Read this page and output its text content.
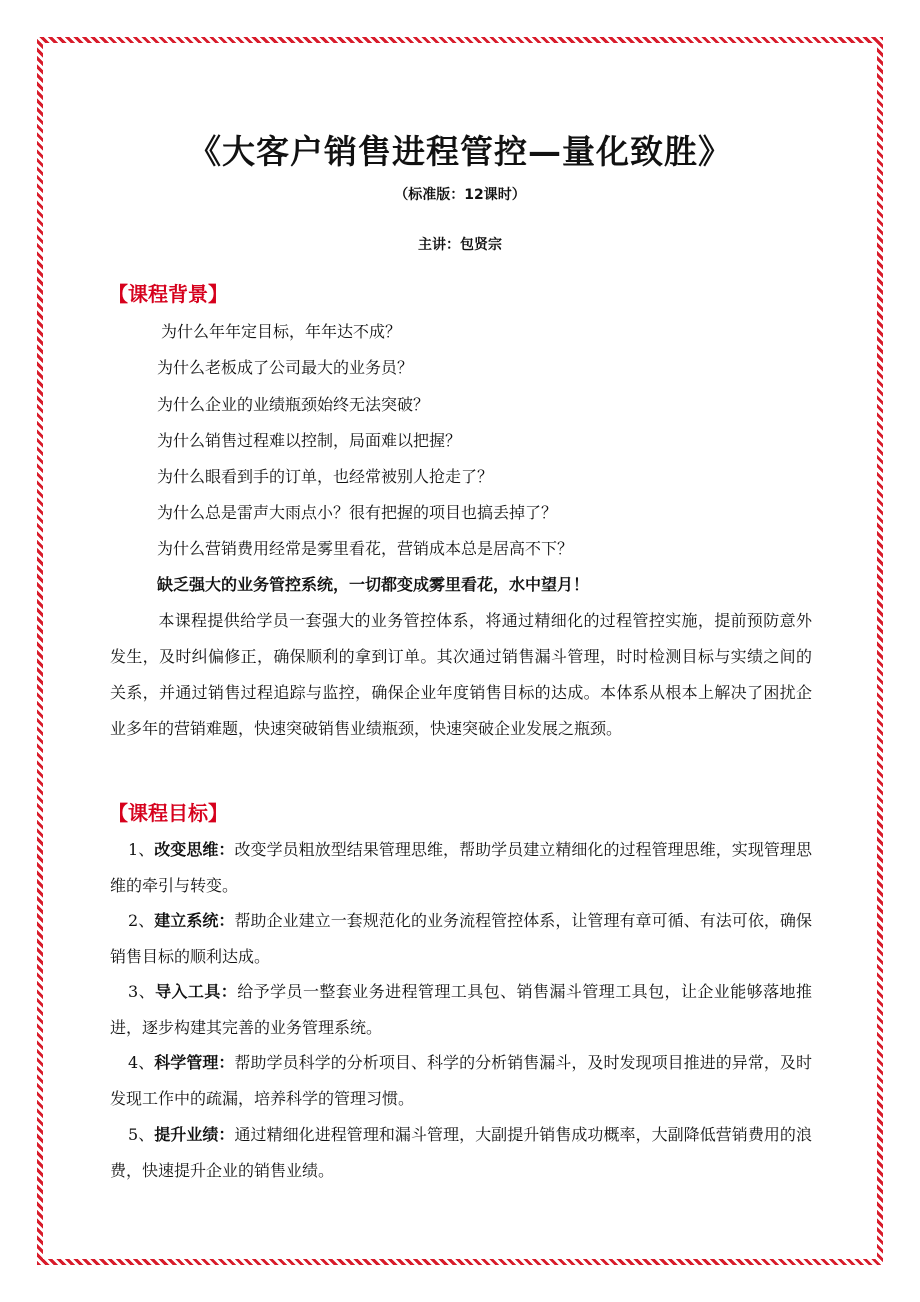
《大客户销售进程管控—量化致胜》
（标准版：12课时）
主讲：包贤宗
【课程背景】
为什么年年定目标，年年达不成？
为什么老板成了公司最大的业务员？
为什么企业的业绩瓶颈始终无法突破？
为什么销售过程难以控制，局面难以把握？
为什么眼看到手的订单，也经常被别人抢走了？
为什么总是雷声大雨点小？很有把握的项目也搞丢掉了？
为什么营销费用经常是雾里看花，营销成本总是居高不下？
缺乏强大的业务管控系统，一切都变成雾里看花，水中望月！
本课程提供给学员一套强大的业务管控体系，将通过精细化的过程管控实施，提前预防意外发生，及时纠偏修正，确保顺利的拿到订单。其次通过销售漏斗管理，时时检测目标与实绩之间的关系，并通过销售过程追踪与监控，确保企业年度销售目标的达成。本体系从根本上解决了困扰企业多年的营销难题，快速突破销售业绩瓶颈，快速突破企业发展之瓶颈。
【课程目标】
1、改变思维：改变学员粗放型结果管理思维，帮助学员建立精细化的过程管理思维，实现管理思维的牵引与转变。
2、建立系统：帮助企业建立一套规范化的业务流程管控体系，让管理有章可循、有法可依，确保销售目标的顺利达成。
3、导入工具：给予学员一整套业务进程管理工具包、销售漏斗管理工具包，让企业能够落地推进，逐步构建其完善的业务管理系统。
4、科学管理：帮助学员科学的分析项目、科学的分析销售漏斗，及时发现项目推进的异常，及时发现工作中的疏漏，培养科学的管理习惯。
5、提升业绩：通过精细化进程管理和漏斗管理，大副提升销售成功概率，大副降低营销费用的浪费，快速提升企业的销售业绩。
